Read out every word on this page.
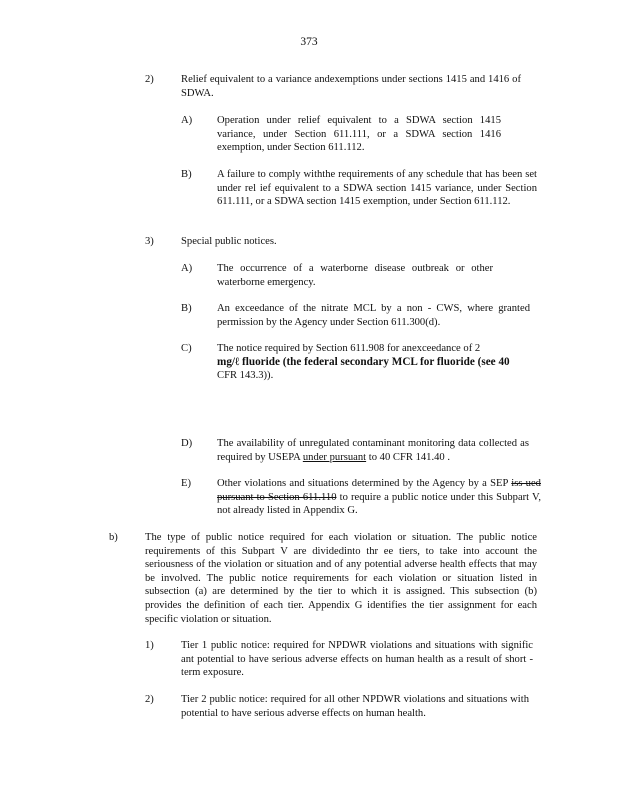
373
2)	Relief equivalent to a variance andexemptions under sections 1415 and 1416 of SDWA.
A) Operation under relief equivalent to a SDWA section 1415 variance, under Section 611.111, or a SDWA section 1416 exemption, under Section 611.112.
B) A failure to comply withthe requirements of any schedule that has been set under rel ief equivalent to a SDWA section 1415 variance, under Section 611.111, or a SDWA section 1415 exemption, under Section 611.112.
3)	Special public notices.
A) The occurrence of a waterborne disease outbreak or other waterborne emergency.
B) An exceedance of the nitrate MCL by a non - CWS, where granted permission by the Agency under Section 611.300(d).
C) The notice required by Section 611.908 for anexceedance of 2
mg/ℓ fluoride (the federal secondary MCL for fluoride (see 40
CFR 143.3)).
D) The availability of unregulated contaminant monitoring data collected as required by USEPA under pursuant to 40 CFR 141.40 .
E) Other violations and situations determined by the Agency by a SEP iss ued pursuant to Section 611.110 to require a public notice under this Subpart V, not already listed in Appendix G.
b)	The type of public notice required for each violation or situation. The public notice requirements of this Subpart V are dividedinto thr ee tiers, to take into account the seriousness of the violation or situation and of any potential adverse health effects that may be involved. The public notice requirements for each violation or situation listed in subsection (a) are determined by the tier to which it is assigned. This subsection (b) provides the definition of each tier. Appendix G identifies the tier assignment for each specific violation or situation.
1)	Tier 1 public notice: required for NPDWR violations and situations with signific ant potential to have serious adverse effects on human health as a result of short -term exposure.
2)	Tier 2 public notice: required for all other NPDWR violations and situations with potential to have serious adverse effects on human health.
